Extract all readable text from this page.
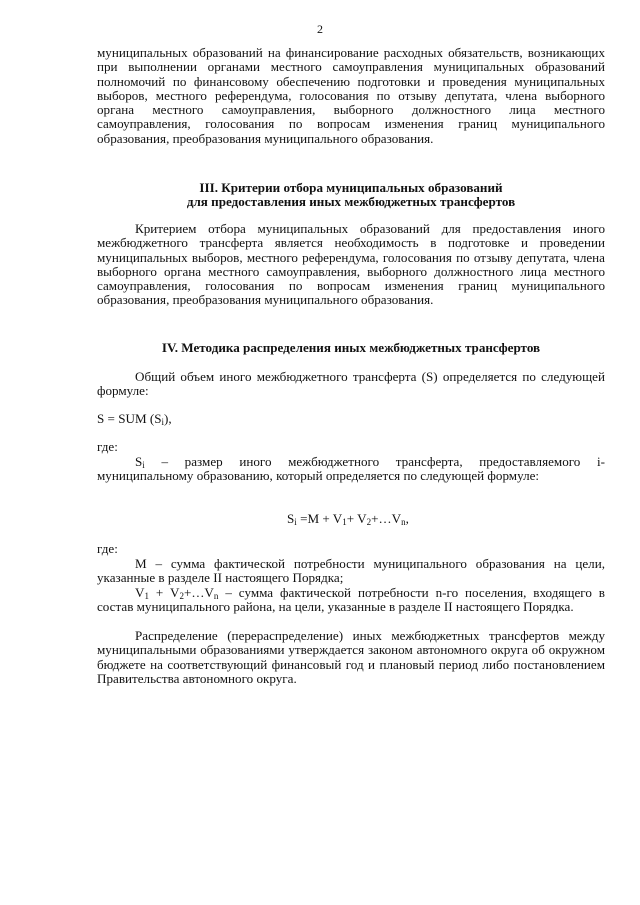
2

муниципальных образований на финансирование расходных обязательств, возникающих при выполнении органами местного самоуправления муниципальных образований полномочий по финансовому обеспечению подготовки и проведения муниципальных выборов, местного референдума, голосования по отзыву депутата, члена выборного органа местного самоуправления, выборного должностного лица местного самоуправления, голосования по вопросам изменения границ муниципального образования, преобразования муниципального образования.

III. Критерии отбора муниципальных образований
для предоставления иных межбюджетных трансфертов

Критерием отбора муниципальных образований для предоставления иного межбюджетного трансферта является необходимость в подготовке и проведении муниципальных выборов, местного референдума, голосования по отзыву депутата, члена выборного органа местного самоуправления, выборного должностного лица местного самоуправления, голосования по вопросам изменения границ муниципального образования, преобразования муниципального образования.

IV. Методика распределения иных межбюджетных трансфертов

Общий объем иного межбюджетного трансферта (S) определяется по следующей формуле:

S = SUM $(S_i)$,

где:

$S_i$ – размер иного межбюджетного трансферта, предоставляемого i-муниципальному образованию, который определяется по следующей формуле:

$S_i =M + V_1+$ $V_2+\dots V_n$,

где:

М – сумма фактической потребности муниципального образования на цели, указанные в разделе II настоящего Порядка;

$V_1$ + $V_2+\dots V_n$ – сумма фактической потребности n-го поселения, входящего в состав муниципального района, на цели, указанные в разделе II настоящего Порядка.

Распределение (перераспределение) иных межбюджетных трансфертов между муниципальными образованиями утверждается законом автономного округа об окружном бюджете на соответствующий финансовый год и плановый период либо постановлением Правительства автономного округа.
